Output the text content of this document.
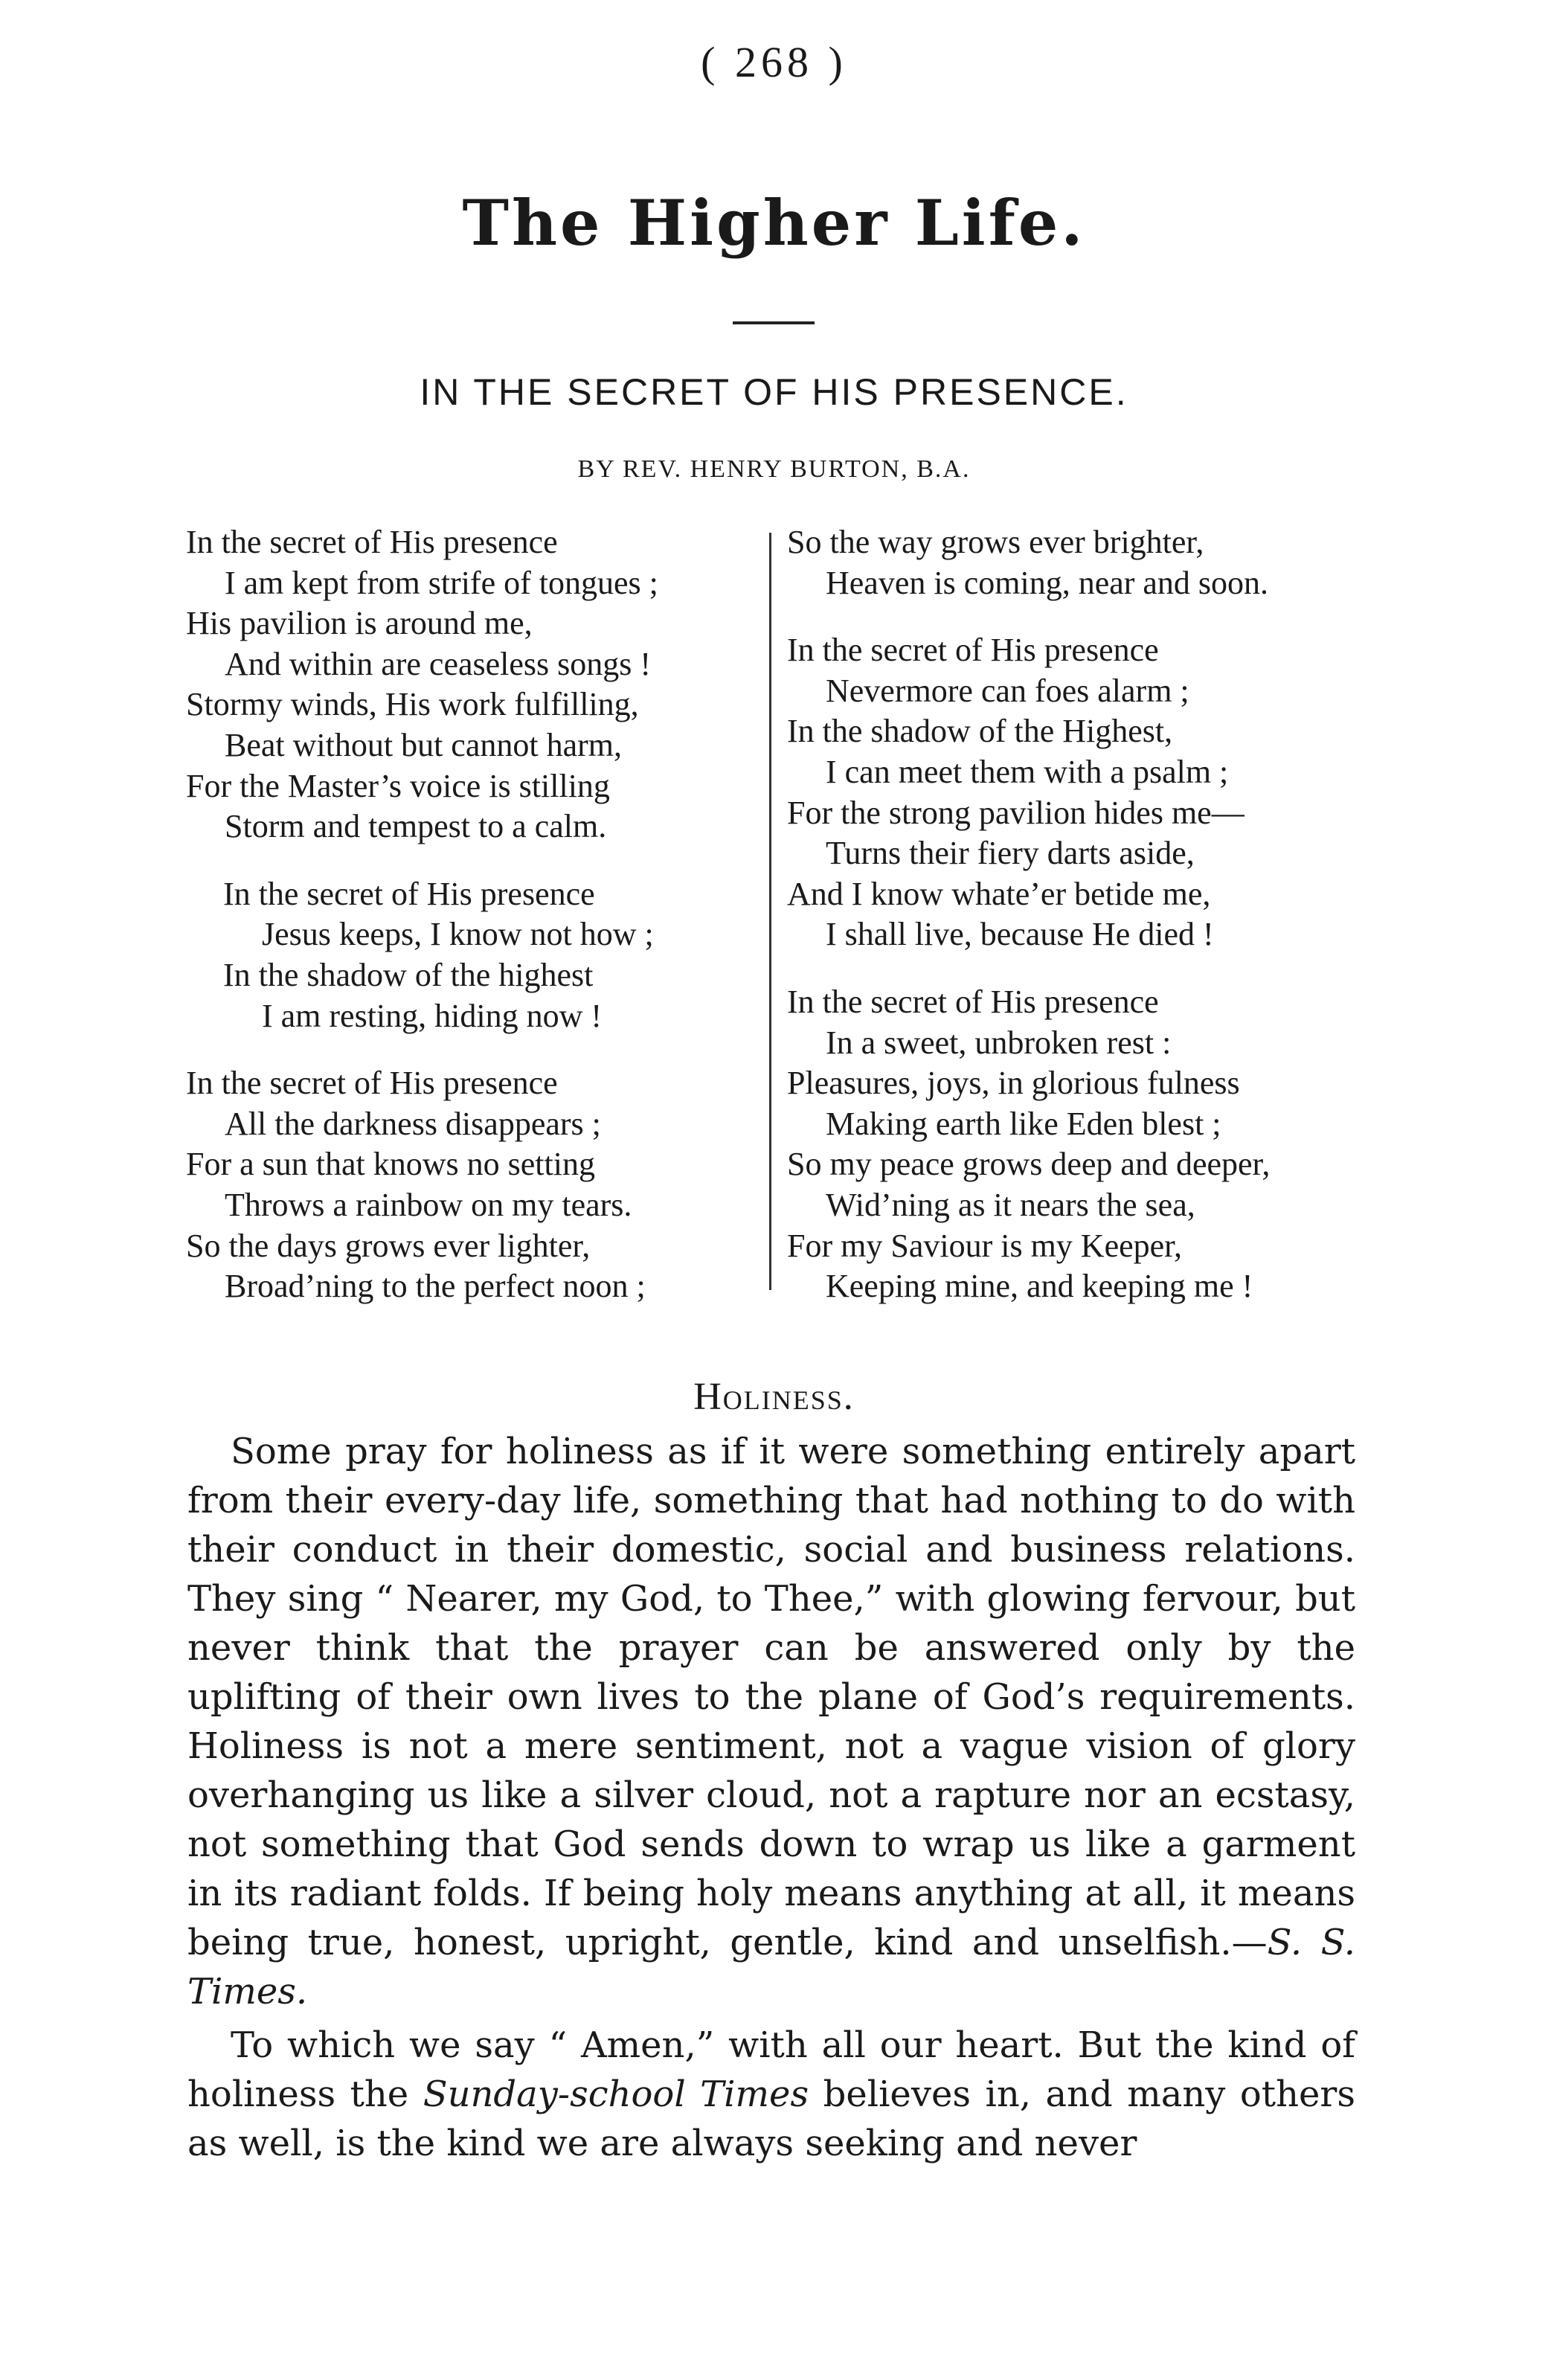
( 268 )
The Higher Life.
IN THE SECRET OF HIS PRESENCE.
BY REV. HENRY BURTON, B.A.
In the secret of His presence
I am kept from strife of tongues ;
His pavilion is around me,
And within are ceaseless songs !
Stormy winds, His work fulfilling,
Beat without but cannot harm,
For the Master’s voice is stilling
Storm and tempest to a calm.
In the secret of His presence
Jesus keeps, I know not how ;
In the shadow of the highest
I am resting, hiding now !
In the secret of His presence
All the darkness disappears ;
For a sun that knows no setting
Throws a rainbow on my tears.
So the days grows ever lighter,
Broad’ning to the perfect noon ;
So the way grows ever brighter,
Heaven is coming, near and soon.
In the secret of His presence
Nevermore can foes alarm ;
In the shadow of the Highest,
I can meet them with a psalm ;
For the strong pavilion hides me—
Turns their fiery darts aside,
And I know whate’er betide me,
I shall live, because He died !
In the secret of His presence
In a sweet, unbroken rest :
Pleasures, joys, in glorious fulness
Making earth like Eden blest ;
So my peace grows deep and deeper,
Wid’ning as it nears the sea,
For my Saviour is my Keeper,
Keeping mine, and keeping me !
Holiness.

Some pray for holiness as if it were something entirely apart from their every-day life, something that had nothing to do with their conduct in their domestic, social and business relations. They sing “ Nearer, my God, to Thee,” with glowing fervour, but never think that the prayer can be answered only by the uplifting of their own lives to the plane of God’s requirements. Holiness is not a mere sentiment, not a vague vision of glory overhanging us like a silver cloud, not a rapture nor an ecstasy, not something that God sends down to wrap us like a garment in its radiant folds. If being holy means anything at all, it means being true, honest, upright, gentle, kind and unselfish.—S. S. Times.

To which we say “ Amen,” with all our heart. But the kind of holiness the Sunday-school Times believes in, and many others as well, is the kind we are always seeking and never
